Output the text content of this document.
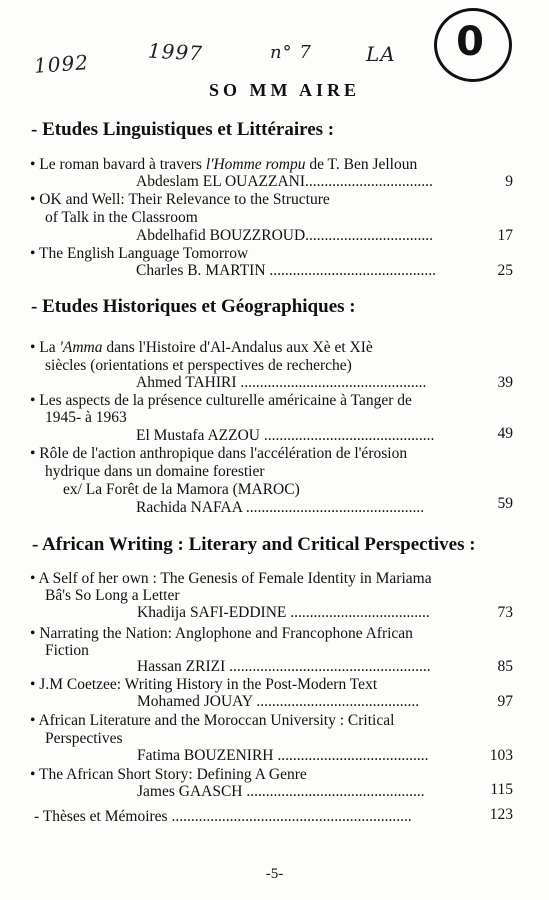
1092	1997	n° 7	LA	0
SO MM AIRE
- Etudes Linguistiques et Littéraires :
• Le roman bavard à travers l'Homme rompu de T. Ben Jelloun
Abdeslam EL OUAZZANI.................................	9
• OK and Well: Their Relevance to the Structure
of Talk in the Classroom
Abdelhafid BOUZZROUD.................................	17
• The English Language Tomorrow
Charles B. MARTIN ...........................................	25
- Etudes Historiques et Géographiques :
• La 'Amma dans l'Histoire d'Al-Andalus aux Xè et XIè
siècles (orientations et perspectives de recherche)
Ahmed TAHIRI ................................................	39
• Les aspects de la présence culturelle américaine à Tanger de
1945- à 1963
El Mustafa AZZOU ............................................	49
• Rôle de l'action anthropique dans l'accélération de l'érosion
hydrique dans un domaine forestier
ex/ La Forêt de la Mamora (MAROC)
Rachida NAFAA ..............................................	59
- African Writing : Literary and Critical Perspectives :
• A Self of her own : The Genesis of Female Identity in Mariama
Bâ's So Long a Letter
Khadija SAFI-EDDINE ....................................	73
• Narrating the Nation: Anglophone and Francophone African
Fiction
Hassan ZRIZI ....................................................	85
• J.M Coetzee: Writing History in the Post-Modern Text
Mohamed JOUAY ..........................................	97
• African Literature and the Moroccan University : Critical
Perspectives
Fatima BOUZENIRH .......................................	103
• The African Short Story: Defining A Genre
James GAASCH ..............................................	115
- Thèses et Mémoires ..............................................................	123
-5-
